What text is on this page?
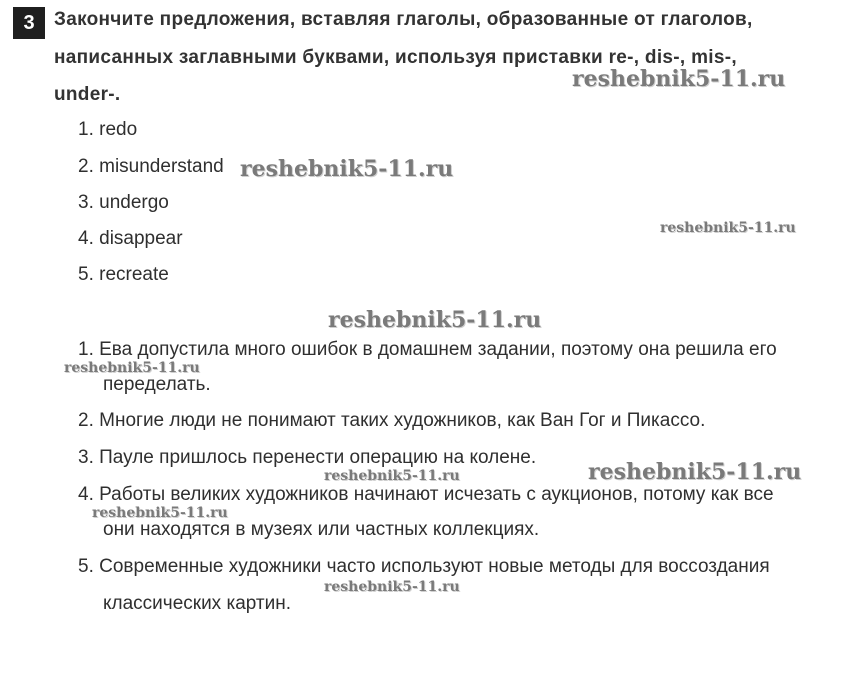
3	Закончите предложения, вставляя глаголы, образованные от глаголов,
написанных заглавными буквами, используя приставки re-, dis-, mis-,
under-.
1. redo
2. misunderstand
3. undergo
4. disappear
5. recreate
1. Ева допустила много ошибок в домашнем задании, поэтому она решила его
переделать.
2. Многие люди не понимают таких художников, как Ван Гог и Пикассо.
3. Пауле пришлось перенести операцию на колене.
4. Работы великих художников начинают исчезать с аукционов, потому как все
они находятся в музеях или частных коллекциях.
5. Современные художники часто используют новые методы для воссоздания
классических картин.
reshebnik5-11.ru
reshebnik5-11.ru
reshebnik5-11.ru
reshebnik5-11.ru
reshebnik5-11.ru
reshebnik5-11.ru	reshebnik5-11.ru
reshebnik5-11.ru
reshebnik5-11.ru
